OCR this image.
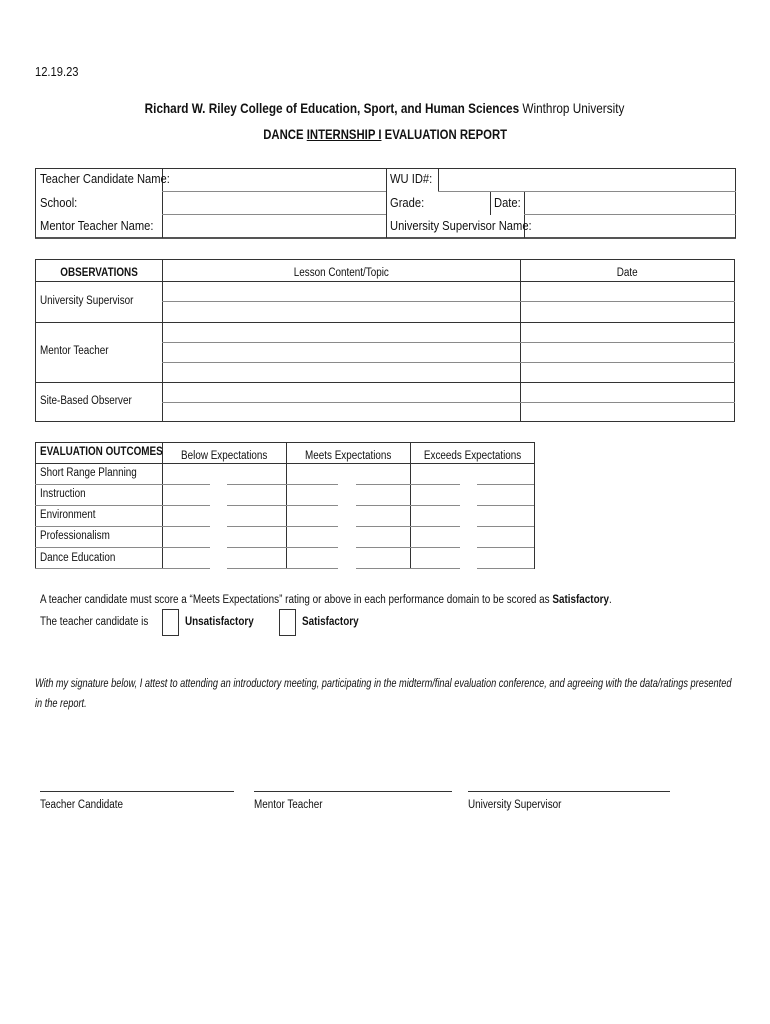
12.19.23
Richard W. Riley College of Education, Sport, and Human Sciences Winthrop University
DANCE INTERNSHIP I EVALUATION REPORT
Teacher Candidate Name:
School:
Mentor Teacher Name:
WU ID#:
Grade:	Date:
University Supervisor Name:
OBSERVATIONS	Lesson Content/Topic	Date
University Supervisor
Mentor Teacher
Site-Based Observer
EVALUATION OUTCOMES	Below Expectations	Meets Expectations	Exceeds Expectations
Short Range Planning
Instruction
Environment
Professionalism
Dance Education
A teacher candidate must score a “Meets Expectations” rating or above in each performance domain to be scored as Satisfactory.
The teacher candidate is	Unsatisfactory	Satisfactory
With my signature below, I attest to attending an introductory meeting, participating in the midterm/final evaluation conference, and agreeing with the data/ratings presented
in the report.
Teacher Candidate	Mentor Teacher	University Supervisor
